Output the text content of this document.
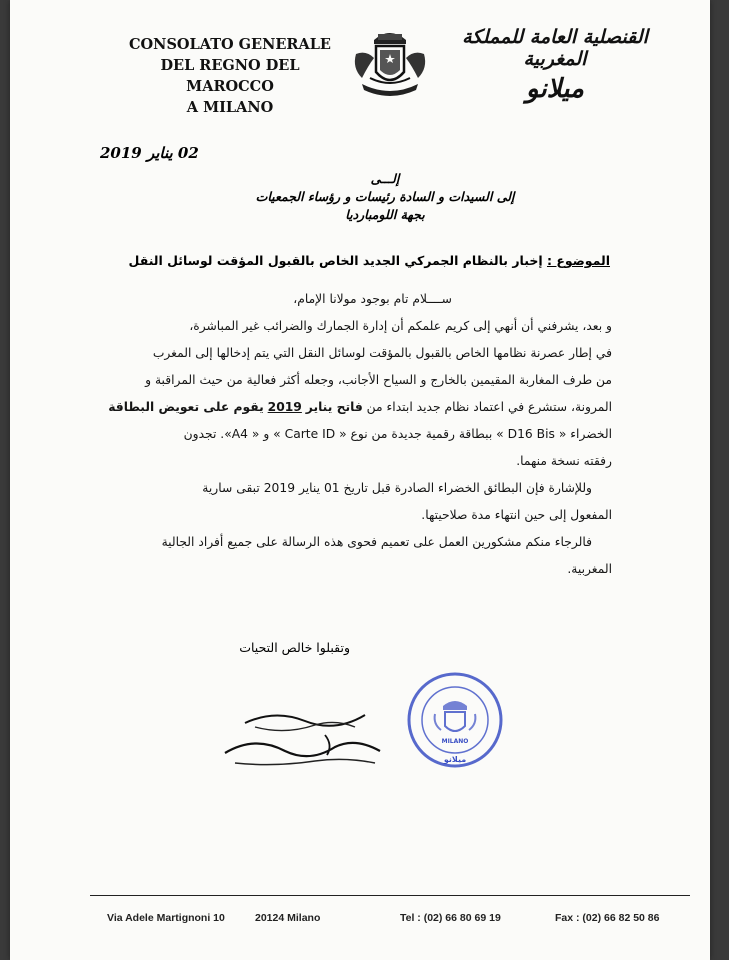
CONSOLATO GENERALE
DEL REGNO DEL MAROCCO
A MILANO
القنصلية العامة للمملكة المغربية
ميلانو
02 يناير 2019
إلـــى
إلى السيدات و السادة رئيسات و رؤساء الجمعيات
بجهة اللومبارديا
الموضوع : إخبار بالنظام الجمركي الجديد الخاص بالقبول المؤقت لوسائل النقل

ســــلام تام بوجود مولانا الإمام،

و بعد، يشرفني أن أنهي إلى كريم علمكم أن إدارة الجمارك والضرائب غير المباشرة،

في إطار عصرنة نظامها الخاص بالقبول بالمؤقت لوسائل النقل التي يتم إدخالها إلى المغرب

من طرف المغاربة المقيمين بالخارج و السياح الأجانب، وجعله أكثر فعالية من حيث المراقبة و

المرونة، ستشرع في اعتماد نظام جديد ابتداء من فاتح يناير 2019 يقوم على تعويض البطاقة

الخضراء « D16 Bis » ببطاقة رقمية جديدة من نوع « Carte ID » و « A4». تجدون

رفقته نسخة منهما.

وللإشارة فإن البطائق الخضراء الصادرة قبل تاريخ 01 يناير 2019 تبقى سارية

المفعول إلى حين انتهاء مدة صلاحيتها.

فالرجاء منكم مشكورين العمل على تعميم فحوى هذه الرسالة على جميع أفراد الجالية

المغربية.

وتقبلوا خالص التحيات
MILANO
ميلانو
Via Adele Martignoni 10	20124 Milano	Tel : (02) 66 80 69 19	Fax : (02) 66 82 50 86
